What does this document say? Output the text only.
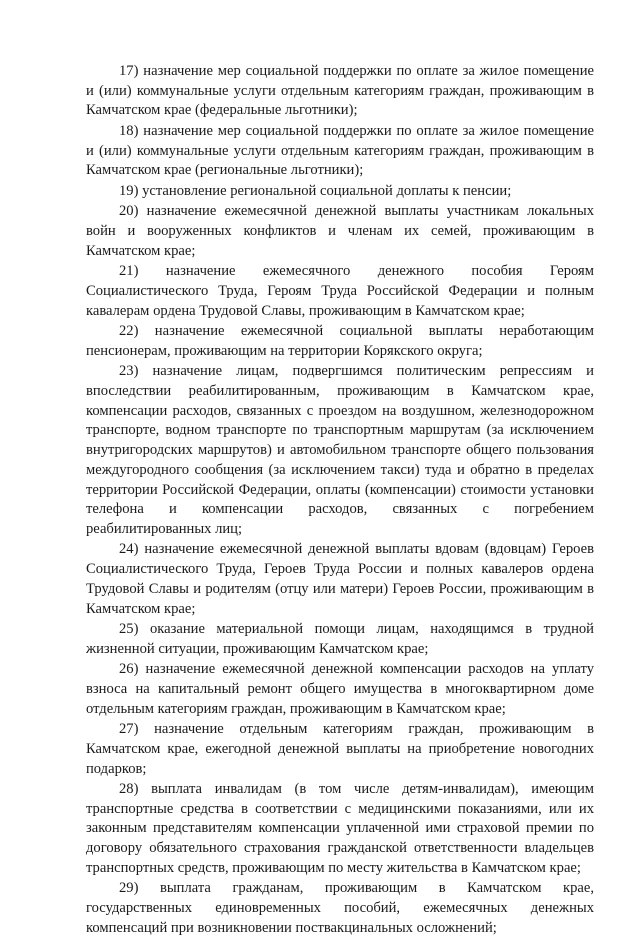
17) назначение мер социальной поддержки по оплате за жилое помещение и (или) коммунальные услуги отдельным категориям граждан, проживающим в Камчатском крае (федеральные льготники);

18) назначение мер социальной поддержки по оплате за жилое помещение и (или) коммунальные услуги отдельным категориям граждан, проживающим в Камчатском крае (региональные льготники);

19) установление региональной социальной доплаты к пенсии;

20) назначение ежемесячной денежной выплаты участникам локальных войн и вооруженных конфликтов и членам их семей, проживающим в Камчатском крае;

21) назначение ежемесячного денежного пособия Героям Социалистического Труда, Героям Труда Российской Федерации и полным кавалерам ордена Трудовой Славы, проживающим в Камчатском крае;

22) назначение ежемесячной социальной выплаты неработающим пенсионерам, проживающим на территории Корякского округа;

23) назначение лицам, подвергшимся политическим репрессиям и впоследствии реабилитированным, проживающим в Камчатском крае, компенсации расходов, связанных с проездом на воздушном, железнодорожном транспорте, водном транспорте по транспортным маршрутам (за исключением внутригородских маршрутов) и автомобильном транспорте общего пользования междугородного сообщения (за исключением такси) туда и обратно в пределах территории Российской Федерации, оплаты (компенсации) стоимости установки телефона и компенсации расходов, связанных с погребением реабилитированных лиц;

24) назначение ежемесячной денежной выплаты вдовам (вдовцам) Героев Социалистического Труда, Героев Труда России и полных кавалеров ордена Трудовой Славы и родителям (отцу или матери) Героев России, проживающим в Камчатском крае;

25) оказание материальной помощи лицам, находящимся в трудной жизненной ситуации, проживающим Камчатском крае;

26) назначение ежемесячной денежной компенсации расходов на уплату взноса на капитальный ремонт общего имущества в многоквартирном доме отдельным категориям граждан, проживающим в Камчатском крае;

27) назначение отдельным категориям граждан, проживающим в Камчатском крае, ежегодной денежной выплаты на приобретение новогодних подарков;

28) выплата инвалидам (в том числе детям-инвалидам), имеющим транспортные средства в соответствии с медицинскими показаниями, или их законным представителям компенсации уплаченной ими страховой премии по договору обязательного страхования гражданской ответственности владельцев транспортных средств, проживающим по месту жительства в Камчатском крае;

29) выплата гражданам, проживающим в Камчатском крае, государственных единовременных пособий, ежемесячных денежных компенсаций при возникновении поствакцинальных осложнений;
